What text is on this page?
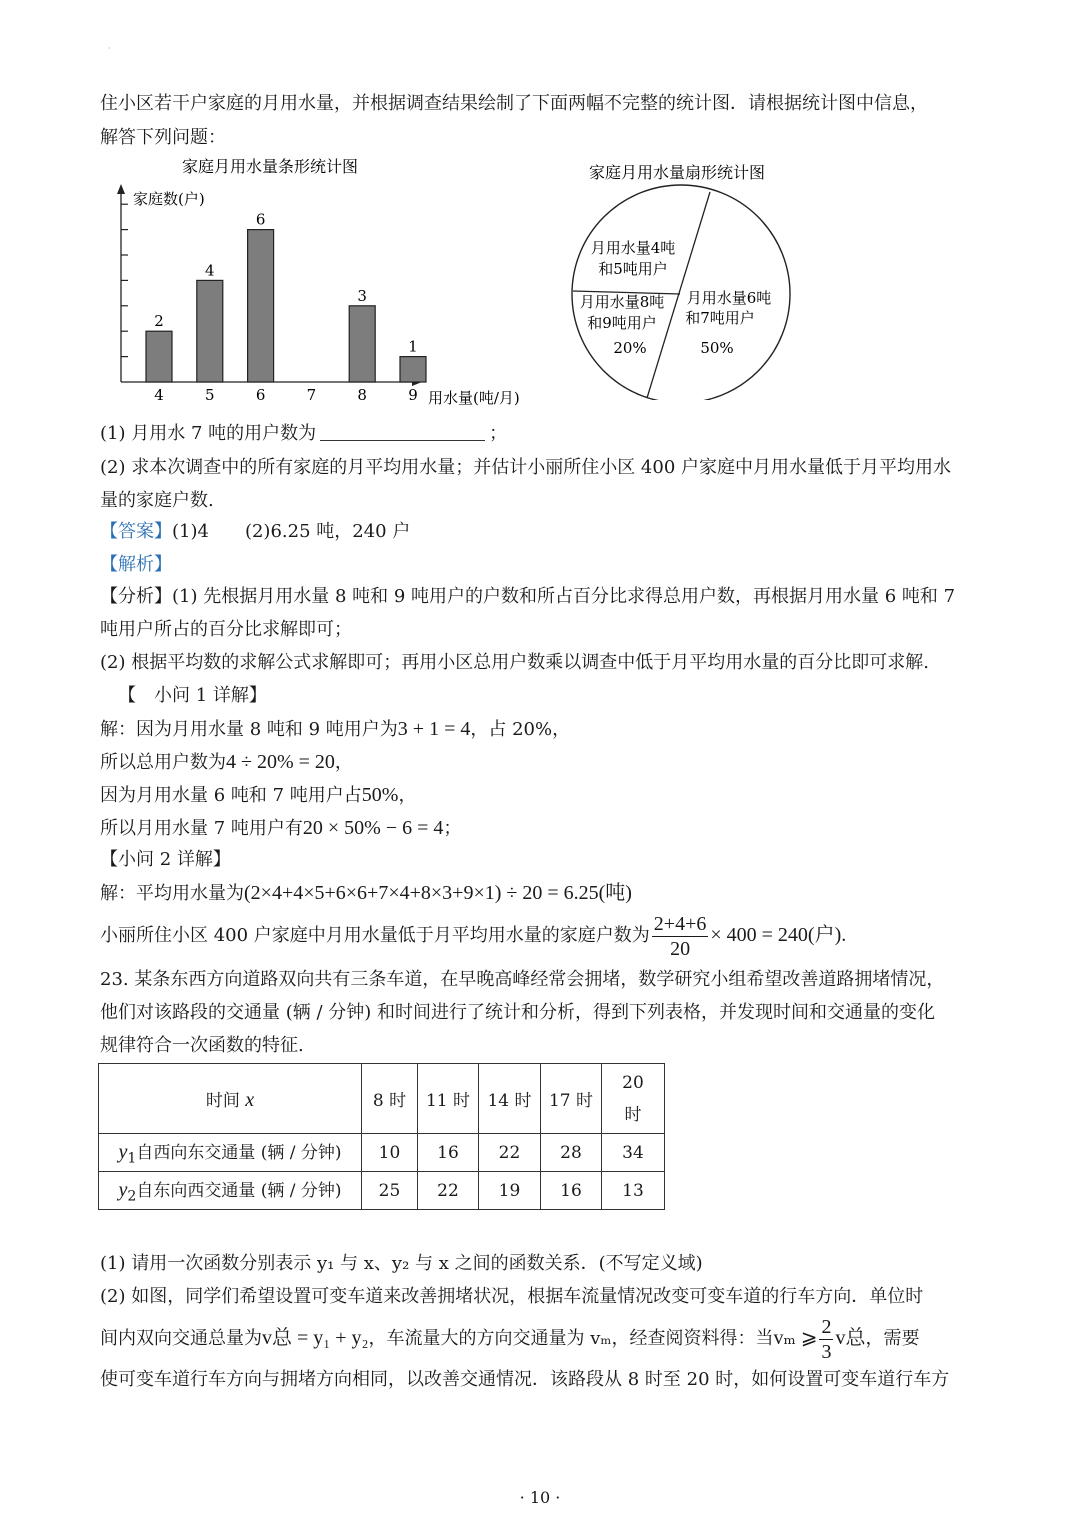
·
住小区若干户家庭的月用水量，并根据调查结果绘制了下面两幅不完整的统计图．请根据统计图中信息，
解答下列问题：
家庭月用水量条形统计图
家庭数(户)
用水量(吨/月)
4
2
5
4
6
6
7	8
3
9
1
家庭月用水量扇形统计图
月用水量4吨
和5吨用户
月用水量8吨
和9吨用户
20%
月用水量6吨
和7吨用户
50%
(1) 月用水 7 吨的用户数为	；
(2) 求本次调查中的所有家庭的月平均用水量；并估计小丽所住小区 400 户家庭中月用水量低于月平均用水
量的家庭户数.
【答案】(1)4　　(2)6.25 吨，240 户
【解析】
【分析】(1) 先根据月用水量 8 吨和 9 吨用户的户数和所占百分比求得总用户数，再根据月用水量 6 吨和 7
吨用户所占的百分比求解即可；
(2) 根据平均数的求解公式求解即可；再用小区总用户数乘以调查中低于月平均用水量的百分比即可求解.
【　小问 1 详解】
解：因为月用水量 8 吨和 9 吨用户为3 + 1 = 4，占 20%，
所以总用户数为4 ÷ 20% = 20，
因为月用水量 6 吨和 7 吨用户占50%，
所以月用水量 7 吨用户有20 × 50% − 6 = 4；
【小问 2 详解】
解：平均用水量为(2×4+4×5+6×6+7×4+8×3+9×1) ÷ 20 = 6.25(吨)
小丽所住小区 400 户家庭中月用水量低于月平均用水量的家庭户数为 $\frac{2+4+6}{20} \times 400 = 240$(户).
23. 某条东西方向道路双向共有三条车道，在早晚高峰经常会拥堵，数学研究小组希望改善道路拥堵情况，
他们对该路段的交通量 (辆 / 分钟) 和时间进行了统计和分析，得到下列表格，并发现时间和交通量的变化
规律符合一次函数的特征.
时间 x	8 时	11 时	14 时	17 时	20
时
$y_1$自西向东交通量 (辆 / 分钟)	10	16	22	28	34
$y_2$自东向西交通量 (辆 / 分钟)	25	22	19	16	13
(1) 请用一次函数分别表示 y₁ 与 x、y₂ 与 x 之间的函数关系．(不写定义域)
(2) 如图，同学们希望设置可变车道来改善拥堵状况，根据车流量情况改变可变车道的行车方向．单位时
间内双向交通总量为v总 = y₁ + y₂，车流量大的方向交通量为 vₘ，经查阅资料得：当vₘ ⩾ $\frac{2}{3}$ v总，需要
使可变车道行车方向与拥堵方向相同，以改善交通情况．该路段从 8 时至 20 时，如何设置可变车道行车方
· 10 ·
